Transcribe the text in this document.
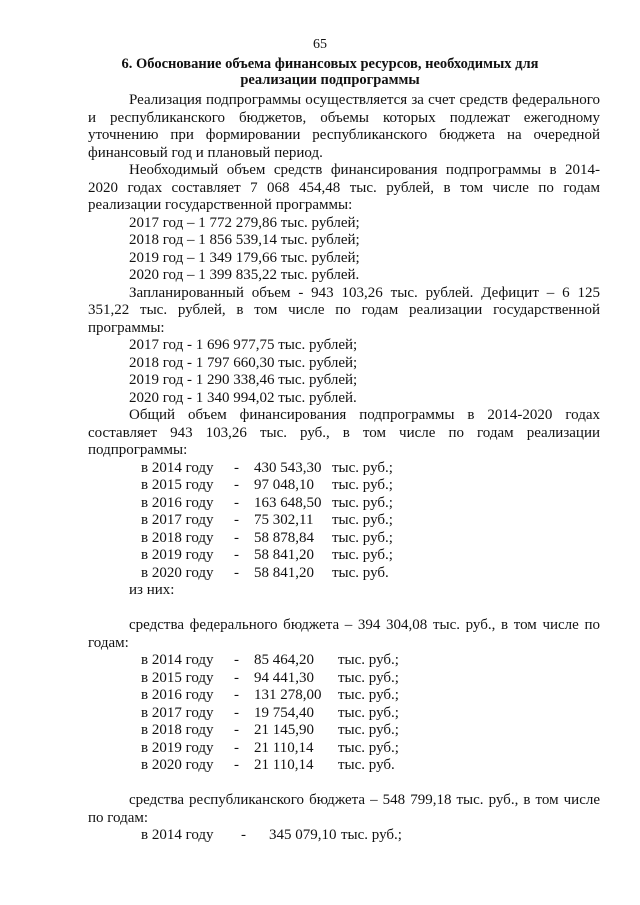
65
6. Обоснование объема финансовых ресурсов, необходимых для реализации подпрограммы

Реализация подпрограммы осуществляется за счет средств федерального и республиканского бюджетов, объемы которых подлежат ежегодному уточнению при формировании республиканского бюджета на очередной финансовый год и плановый период.

Необходимый объем средств финансирования подпрограммы в 2014-2020 годах составляет 7 068 454,48 тыс. рублей, в том числе по годам реализации государственной программы:

2017 год – 1 772 279,86 тыс. рублей;

2018 год – 1 856 539,14 тыс. рублей;

2019 год – 1 349 179,66 тыс. рублей;

2020 год – 1 399 835,22 тыс. рублей.

Запланированный объем - 943 103,26 тыс. рублей. Дефицит – 6 125 351,22 тыс. рублей, в том числе по годам реализации государственной программы:

2017 год - 1 696 977,75 тыс. рублей;

2018 год - 1 797 660,30 тыс. рублей;

2019 год - 1 290 338,46 тыс. рублей;

2020 год - 1 340 994,02 тыс. рублей.

Общий объем финансирования подпрограммы в 2014-2020 годах составляет 943 103,26 тыс. руб., в том числе по годам реализации подпрограммы:

в 2014 году - 430 543,30 тыс. руб.;
в 2015 году - 97 048,10 тыс. руб.;
в 2016 году - 163 648,50 тыс. руб.;
в 2017 году - 75 302,11 тыс. руб.;
в 2018 году - 58 878,84 тыс. руб.;
в 2019 году - 58 841,20 тыс. руб.;
в 2020 году - 58 841,20 тыс. руб.

из них:

средства федерального бюджета – 394 304,08 тыс. руб., в том числе по годам:

в 2014 году - 85 464,20 тыс. руб.;
в 2015 году - 94 441,30 тыс. руб.;
в 2016 году - 131 278,00 тыс. руб.;
в 2017 году - 19 754,40 тыс. руб.;
в 2018 году - 21 145,90 тыс. руб.;
в 2019 году - 21 110,14 тыс. руб.;
в 2020 году - 21 110,14 тыс. руб.

средства республиканского бюджета – 548 799,18 тыс. руб., в том числе по годам:

в 2014 году - 345 079,10 тыс. руб.;
